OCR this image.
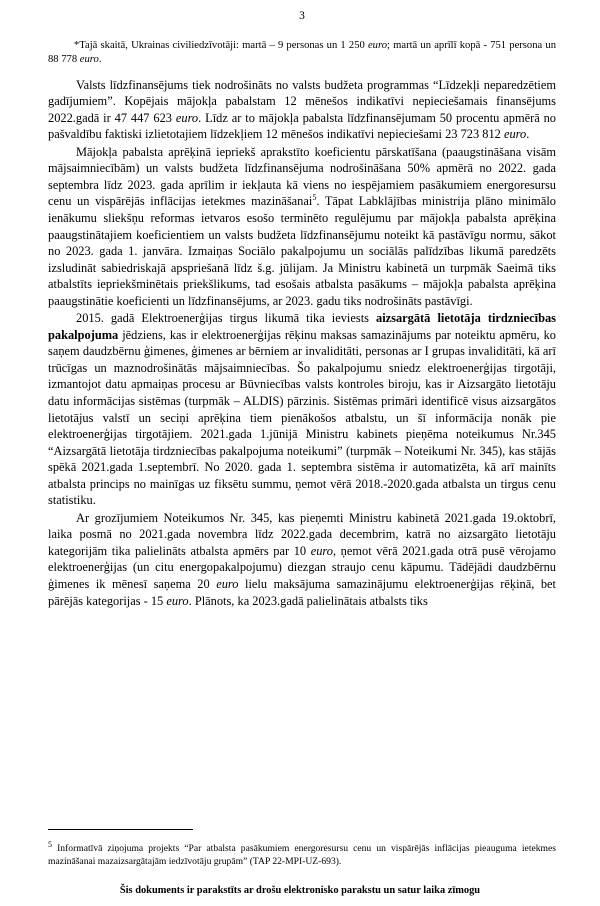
3

*Tajā skaitā, Ukrainas civiliedzīvotāji: martā – 9 personas un 1 250 euro; martā un aprīlī kopā - 751 persona un 88 778 euro.

Valsts līdzfinansējums tiek nodrošināts no valsts budžeta programmas “Līdzekļi neparedzētiem gadījumiem”. Kopējais mājokļa pabalstam 12 mēnešos indikatīvi nepieciešamais finansējums 2022.gadā ir 47 447 623 euro. Līdz ar to mājokļa pabalsta līdzfinansējumam 50 procentu apmērā no pašvaldību faktiski izlietotajiem līdzekļiem 12 mēnešos indikatīvi nepieciešami 23 723 812 euro.

Mājokļa pabalsta aprēķinā iepriekš aprakstīto koeficientu pārskatīšana (paaugstināšana visām mājsaimniecībām) un valsts budžeta līdzfinansējuma nodrošināšana 50% apmērā no 2022. gada septembra līdz 2023. gada aprīlim ir iekļauta kā viens no iespējamiem pasākumiem energoresursu cenu un vispārējās inflācijas ietekmes mazināšanai$^5$. Tāpat Labklājības ministrija plāno minimālo ienākumu sliekšņu reformas ietvaros esošo terminēto regulējumu par mājokļa pabalsta aprēķina paaugstinātajiem koeficientiem un valsts budžeta līdzfinansējumu noteikt kā pastāvīgu normu, sākot no 2023. gada 1. janvāra. Izmaiņas Sociālo pakalpojumu un sociālās palīdzības likumā paredzēts izsludināt sabiedriskajā apspriešanā līdz š.g. jūlijam. Ja Ministru kabinetā un turpmāk Saeimā tiks atbalstīts iepriekšminētais priekšlikums, tad esošais atbalsta pasākums – mājokļa pabalsta aprēķina paaugstinātie koeficienti un līdzfinansējums, ar 2023. gadu tiks nodrošināts pastāvīgi.

2015. gadā Elektroenerģijas tirgus likumā tika ieviests aizsargātā lietotāja tirdzniecības pakalpojuma jēdziens, kas ir elektroenerģijas rēķinu maksas samazinājums par noteiktu apmēru, ko saņem daudzbērnu ģimenes, ģimenes ar bērniem ar invaliditāti, personas ar I grupas invaliditāti, kā arī trūcīgas un maznodrošinātās mājsaimniecības. Šo pakalpojumu sniedz elektroenerģijas tirgotāji, izmantojot datu apmaiņas procesu ar Būvniecības valsts kontroles biroju, kas ir Aizsargāto lietotāju datu informācijas sistēmas (turpmāk – ALDIS) pārzinis. Sistēmas primāri identificē visus aizsargātos lietotājus valstī un seciņi aprēķina tiem pienākošos atbalstu, un šī informācija nonāk pie elektroenerģijas tirgotājiem. 2021.gada 1.jūnijā Ministru kabinets pieņēma noteikumus Nr.345 “Aizsargātā lietotāja tirdzniecības pakalpojuma noteikumi” (turpmāk – Noteikumi Nr. 345), kas stājās spēkā 2021.gada 1.septembrī. No 2020. gada 1. septembra sistēma ir automatizēta, kā arī mainīts atbalsta princips no mainīgas uz fiksētu summu, ņemot vērā 2018.-2020.gada atbalsta un tirgus cenu statistiku.

Ar grozījumiem Noteikumos Nr. 345, kas pieņemti Ministru kabinetā 2021.gada 19.oktobrī, laika posmā no 2021.gada novembra līdz 2022.gada decembrim, katrā no aizsargāto lietotāju kategorijām tika palielināts atbalsta apmērs par 10 euro, ņemot vērā 2021.gada otrā pusē vērojamo elektroenerģijas (un citu energopakalpojumu) diezgan straujo cenu kāpumu. Tādējādi daudzbērnu ģimenes ik mēnesī saņema 20 euro lielu maksājuma samazinājumu elektroenerģijas rēķinā, bet pārējās kategorijas - 15 euro. Plānots, ka 2023.gadā palielinātais atbalsts tiks

$^5$ Informatīvā ziņojuma projekts “Par atbalsta pasākumiem energoresursu cenu un vispārējās inflācijas pieauguma ietekmes mazināšanai mazaizsargātajām iedzīvotāju grupām” (TAP 22-MPI-UZ-693).
Šis dokuments ir parakstīts ar drošu elektronisko parakstu un satur laika zīmogu
